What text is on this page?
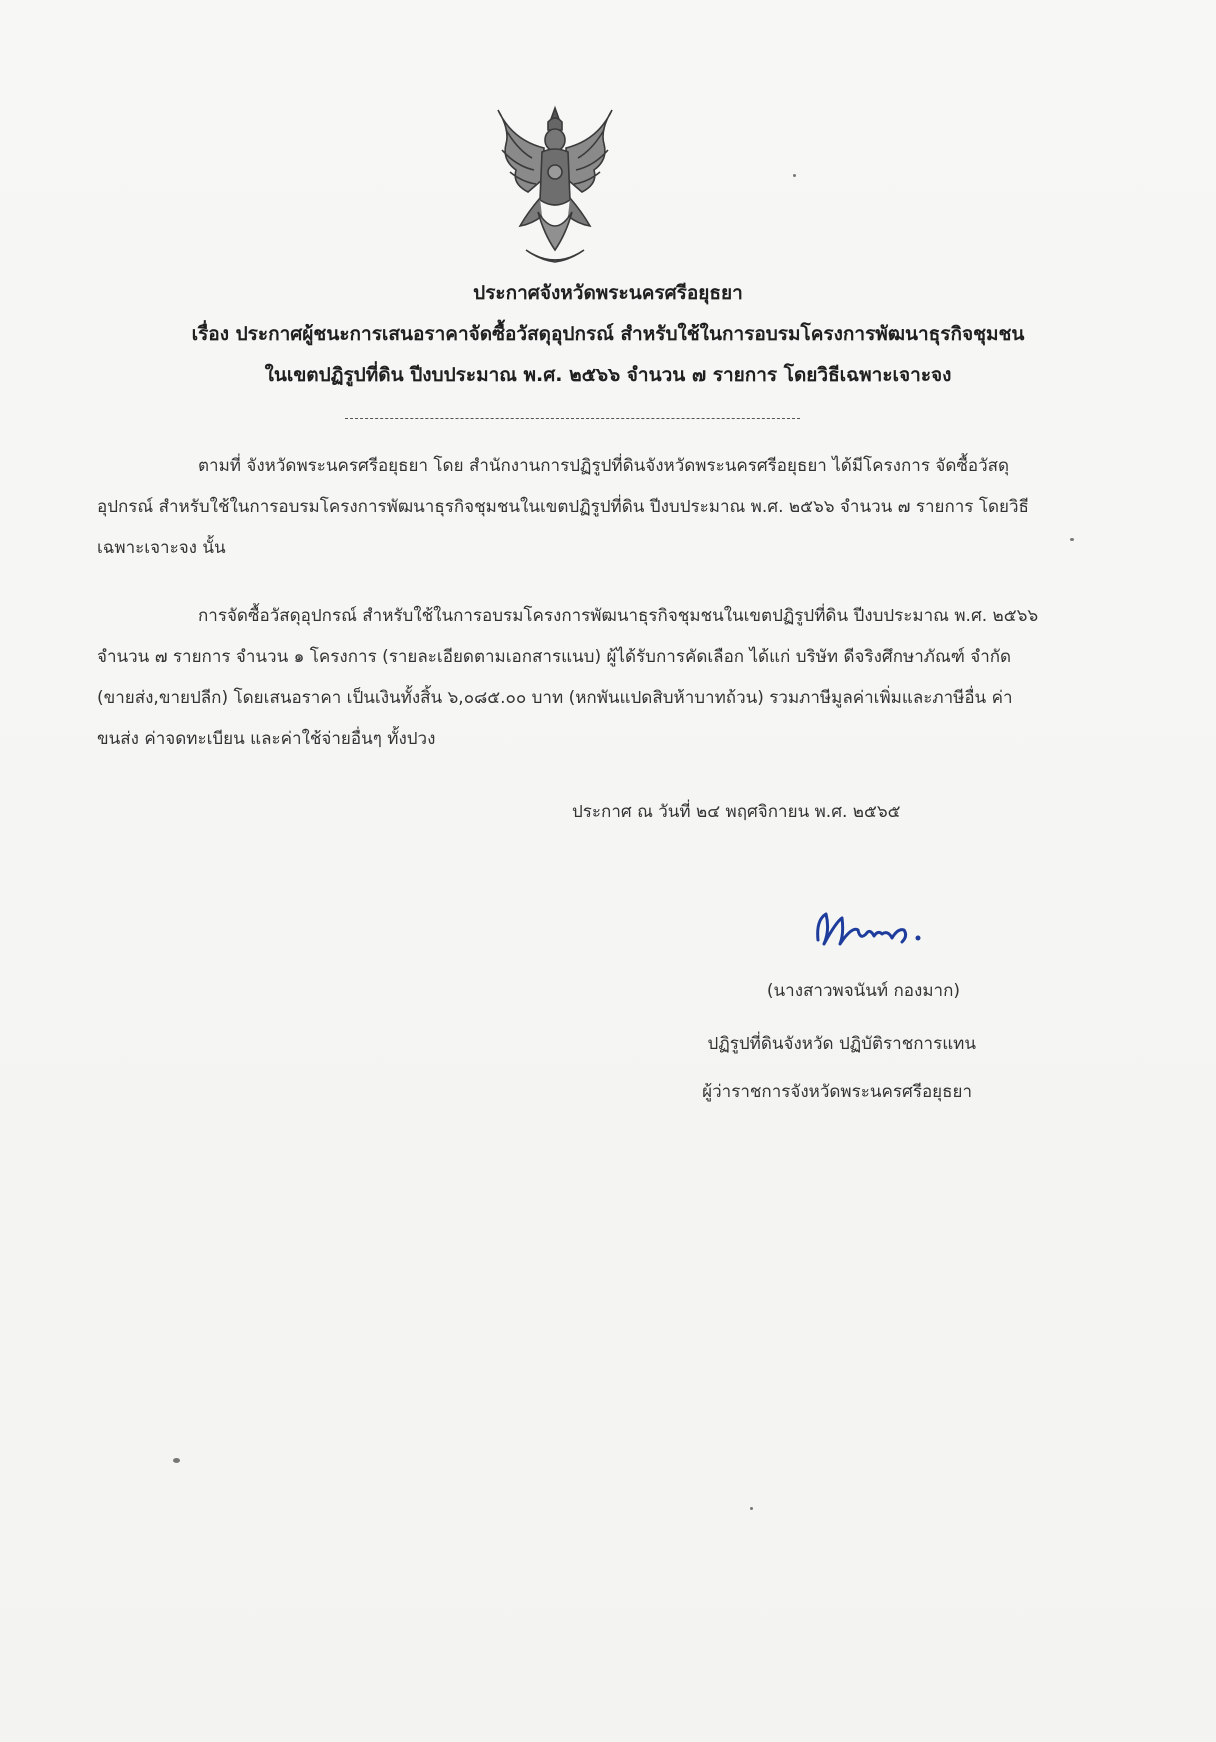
ประกาศจังหวัดพระนครศรีอยุธยา
เรื่อง ประกาศผู้ชนะการเสนอราคาจัดซื้อวัสดุอุปกรณ์ สำหรับใช้ในการอบรมโครงการพัฒนาธุรกิจชุมชน
ในเขตปฏิรูปที่ดิน ปีงบประมาณ พ.ศ. ๒๕๖๖ จำนวน ๗ รายการ โดยวิธีเฉพาะเจาะจง

ตามที่ จังหวัดพระนครศรีอยุธยา โดย สำนักงานการปฏิรูปที่ดินจังหวัดพระนครศรีอยุธยา ได้มีโครงการ จัดซื้อวัสดุอุปกรณ์ สำหรับใช้ในการอบรมโครงการพัฒนาธุรกิจชุมชนในเขตปฏิรูปที่ดิน ปีงบประมาณ พ.ศ. ๒๕๖๖ จำนวน ๗ รายการ โดยวิธีเฉพาะเจาะจง นั้น

การจัดซื้อวัสดุอุปกรณ์ สำหรับใช้ในการอบรมโครงการพัฒนาธุรกิจชุมชนในเขตปฏิรูปที่ดิน ปีงบประมาณ พ.ศ. ๒๕๖๖ จำนวน ๗ รายการ จำนวน ๑ โครงการ (รายละเอียดตามเอกสารแนบ) ผู้ได้รับการคัดเลือก ได้แก่ บริษัท ดีจริงศึกษาภัณฑ์ จำกัด (ขายส่ง,ขายปลีก) โดยเสนอราคา เป็นเงินทั้งสิ้น ๖,๐๘๕.๐๐ บาท (หกพันแปดสิบห้าบาทถ้วน) รวมภาษีมูลค่าเพิ่มและภาษีอื่น ค่าขนส่ง ค่าจดทะเบียน และค่าใช้จ่ายอื่นๆ ทั้งปวง

ประกาศ ณ วันที่ ๒๔ พฤศจิกายน พ.ศ. ๒๕๖๕
(นางสาวพจนันท์ กองมาก)
ปฏิรูปที่ดินจังหวัด ปฏิบัติราชการแทน
ผู้ว่าราชการจังหวัดพระนครศรีอยุธยา
